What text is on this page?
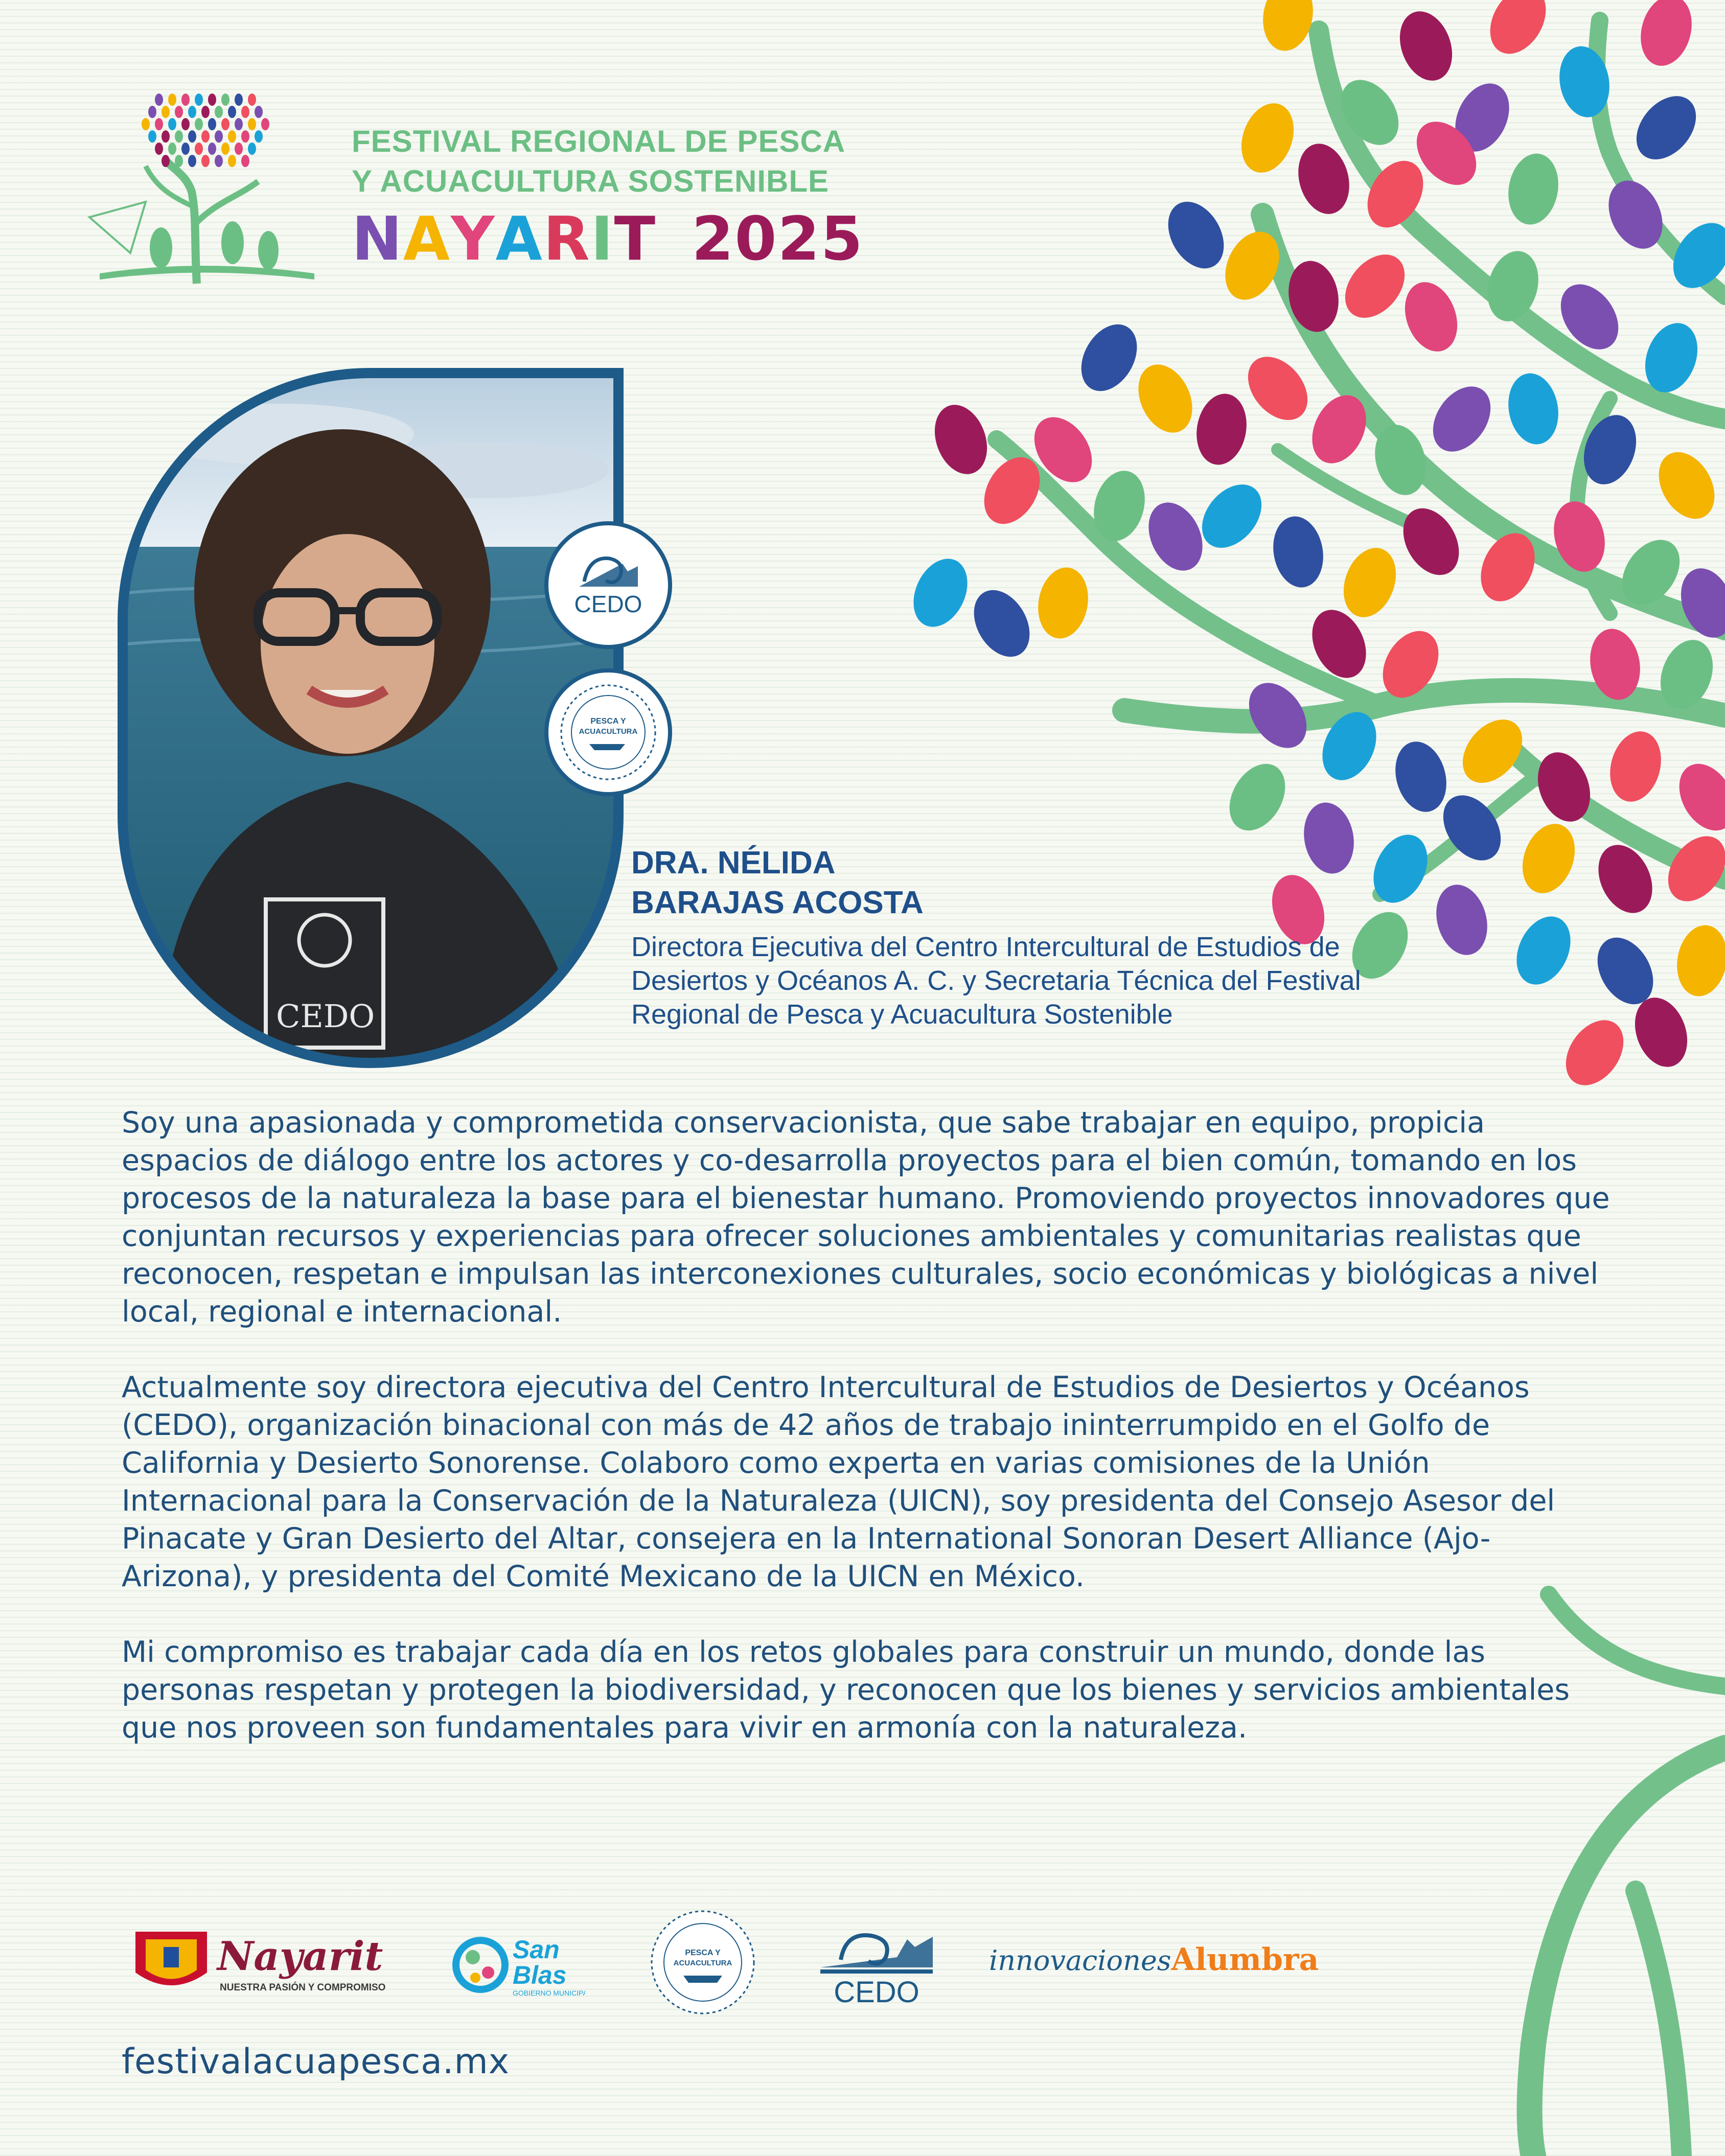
FESTIVAL REGIONAL DE PESCA
Y ACUACULTURA SOSTENIBLE
NAYARIT 2025
CEDO
CEDO
PESCA Y
ACUACULTURA
DRA. NÉLIDA
BARAJAS ACOSTA
Directora Ejecutiva del Centro Intercultural de Estudios de Desiertos y Océanos A. C. y Secretaria Técnica del Festival Regional de Pesca y Acuacultura Sostenible

Soy una apasionada y comprometida conservacionista, que sabe trabajar en equipo, propicia espacios de diálogo entre los actores y co-desarrolla proyectos para el bien común, tomando en los procesos de la naturaleza la base para el bienestar humano. Promoviendo proyectos innovadores que conjuntan recursos y experiencias para ofrecer soluciones ambientales y comunitarias realistas que reconocen, respetan e impulsan las interconexiones culturales, socio económicas y biológicas a nivel local, regional e internacional.

Actualmente soy directora ejecutiva del Centro Intercultural de Estudios de Desiertos y Océanos (CEDO), organización binacional con más de 42 años de trabajo ininterrumpido en el Golfo de California y Desierto Sonorense. Colaboro como experta en varias comisiones de la Unión Internacional para la Conservación de la Naturaleza (UICN), soy presidenta del Consejo Asesor del Pinacate y Gran Desierto del Altar, consejera en la International Sonoran Desert Alliance (Ajo-Arizona), y presidenta del Comité Mexicano de la UICN en México.

Mi compromiso es trabajar cada día en los retos globales para construir un mundo, donde las personas respetan y protegen la biodiversidad, y reconocen que los bienes y servicios ambientales que nos proveen son fundamentales para vivir en armonía con la naturaleza.

Nayarit
NUESTRA PASIÓN Y COMPROMISO
San
Blas
GOBIERNO MUNICIPAL
PESCA Y
ACUACULTURA
CEDO
innovacionesAlumbra
festivalacuapesca.mx
